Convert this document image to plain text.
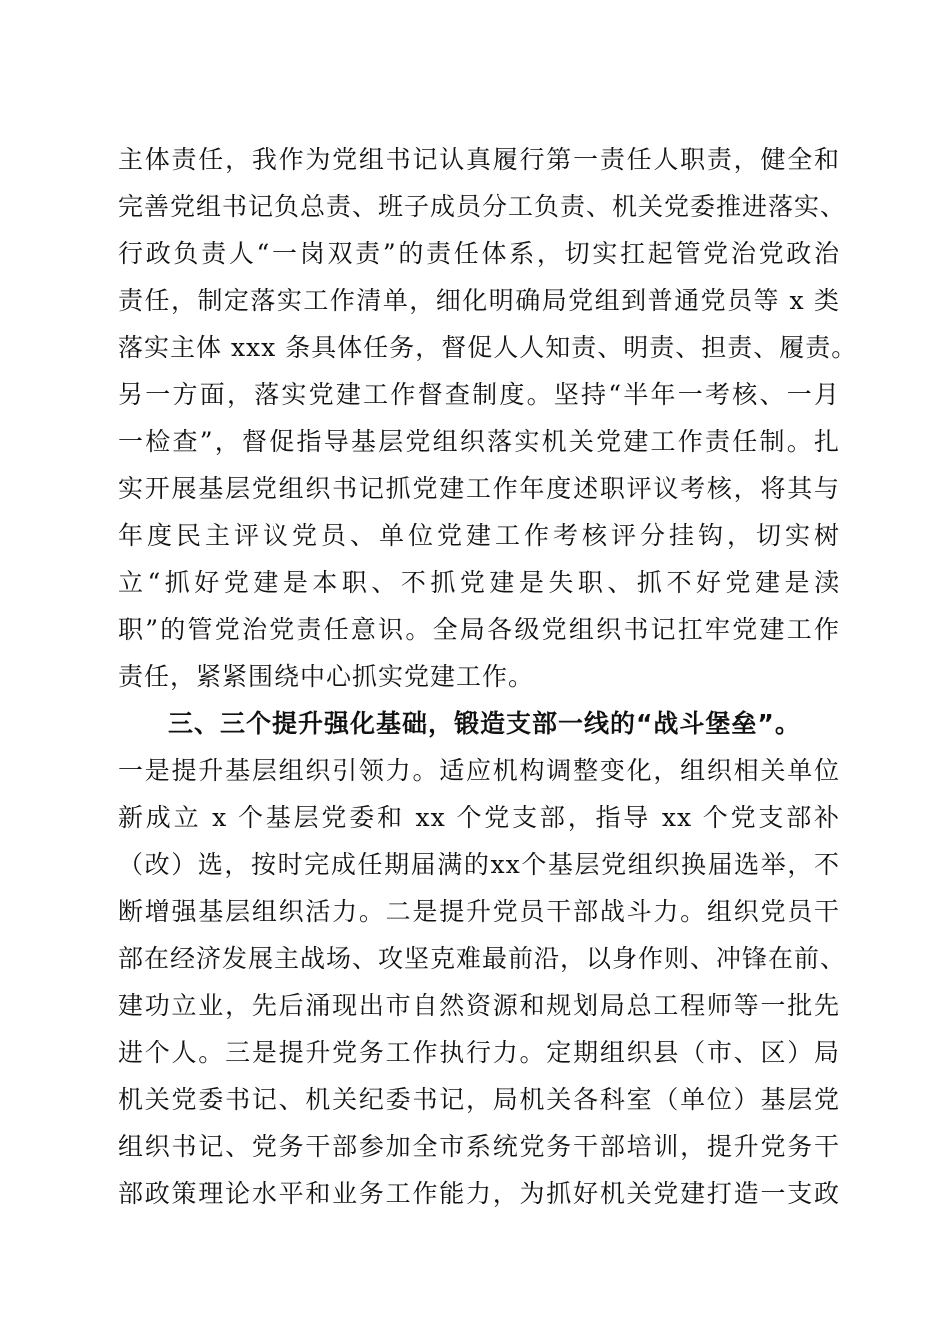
主体责任，我作为党组书记认真履行第一责任人职责，健全和
完善党组书记负总责、班子成员分工负责、机关党委推进落实、
行政负责人“一岗双责”的责任体系，切实扛起管党治党政治
责任，制定落实工作清单，细化明确局党组到普通党员等 x 类
落实主体 xxx 条具体任务，督促人人知责、明责、担责、履责。
另一方面，落实党建工作督查制度。坚持“半年一考核、一月
一检查”，督促指导基层党组织落实机关党建工作责任制。扎
实开展基层党组织书记抓党建工作年度述职评议考核，将其与
年度民主评议党员、单位党建工作考核评分挂钩，切实树
立“抓好党建是本职、不抓党建是失职、抓不好党建是渎
职”的管党治党责任意识。全局各级党组织书记扛牢党建工作
责任，紧紧围绕中心抓实党建工作。
三、三个提升强化基础，锻造支部一线的“战斗堡垒”。
一是提升基层组织引领力。适应机构调整变化，组织相关单位
新成立 x 个基层党委和 xx 个党支部，指导 xx 个党支部补
（改）选，按时完成任期届满的xx个基层党组织换届选举，不
断增强基层组织活力。二是提升党员干部战斗力。组织党员干
部在经济发展主战场、攻坚克难最前沿，以身作则、冲锋在前、
建功立业，先后涌现出市自然资源和规划局总工程师等一批先
进个人。三是提升党务工作执行力。定期组织县（市、区）局
机关党委书记、机关纪委书记，局机关各科室（单位）基层党
组织书记、党务干部参加全市系统党务干部培训，提升党务干
部政策理论水平和业务工作能力，为抓好机关党建打造一支政
